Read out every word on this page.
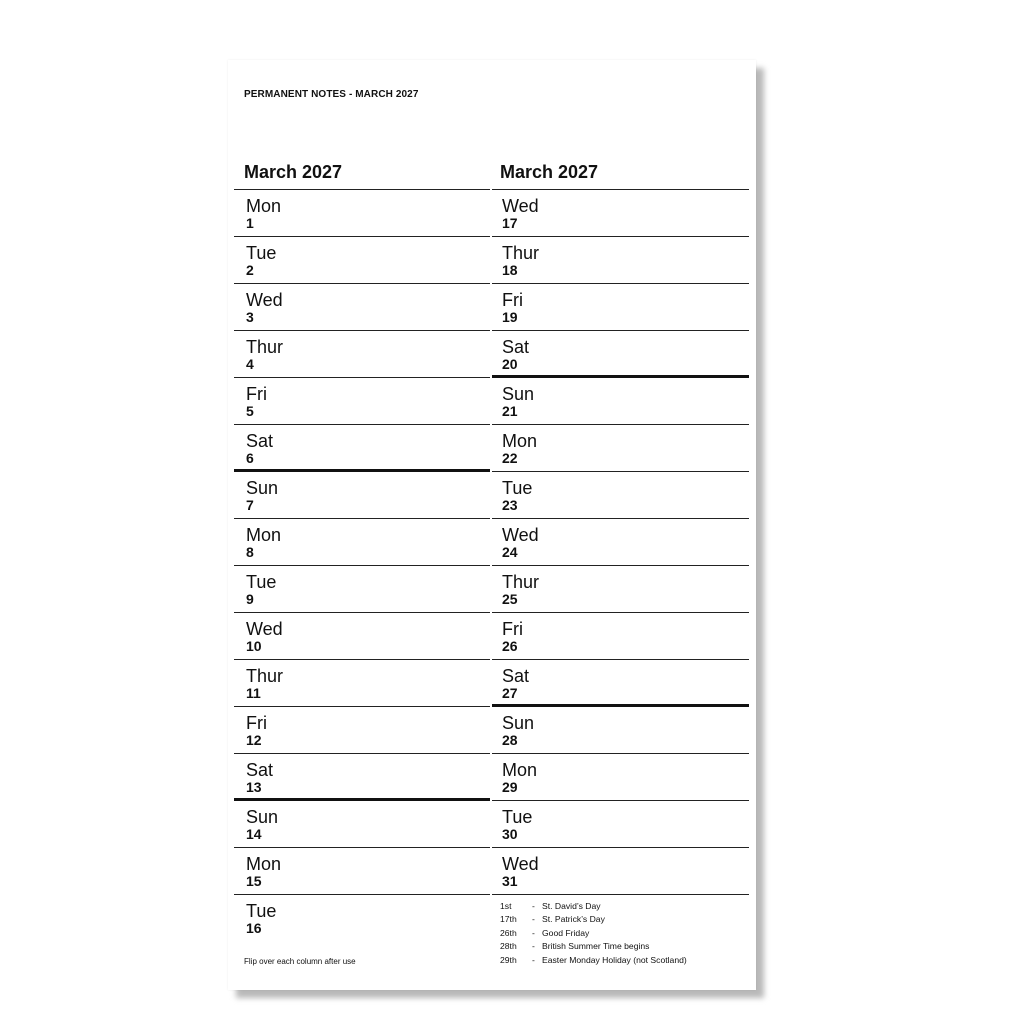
PERMANENT NOTES - MARCH 2027
March 2027
Mon
1
Tue
2
Wed
3
Thur
4
Fri
5
Sat
6
Sun
7
Mon
8
Tue
9
Wed
10
Thur
11
Fri
12
Sat
13
Sun
14
Mon
15
Tue
16
March 2027
Wed
17
Thur
18
Fri
19
Sat
20
Sun
21
Mon
22
Tue
23
Wed
24
Thur
25
Fri
26
Sat
27
Sun
28
Mon
29
Tue
30
Wed
31
1st - St. David’s Day
17th - St. Patrick’s Day
26th - Good Friday
28th - British Summer Time begins
29th - Easter Monday Holiday (not Scotland)
Flip over each column after use
